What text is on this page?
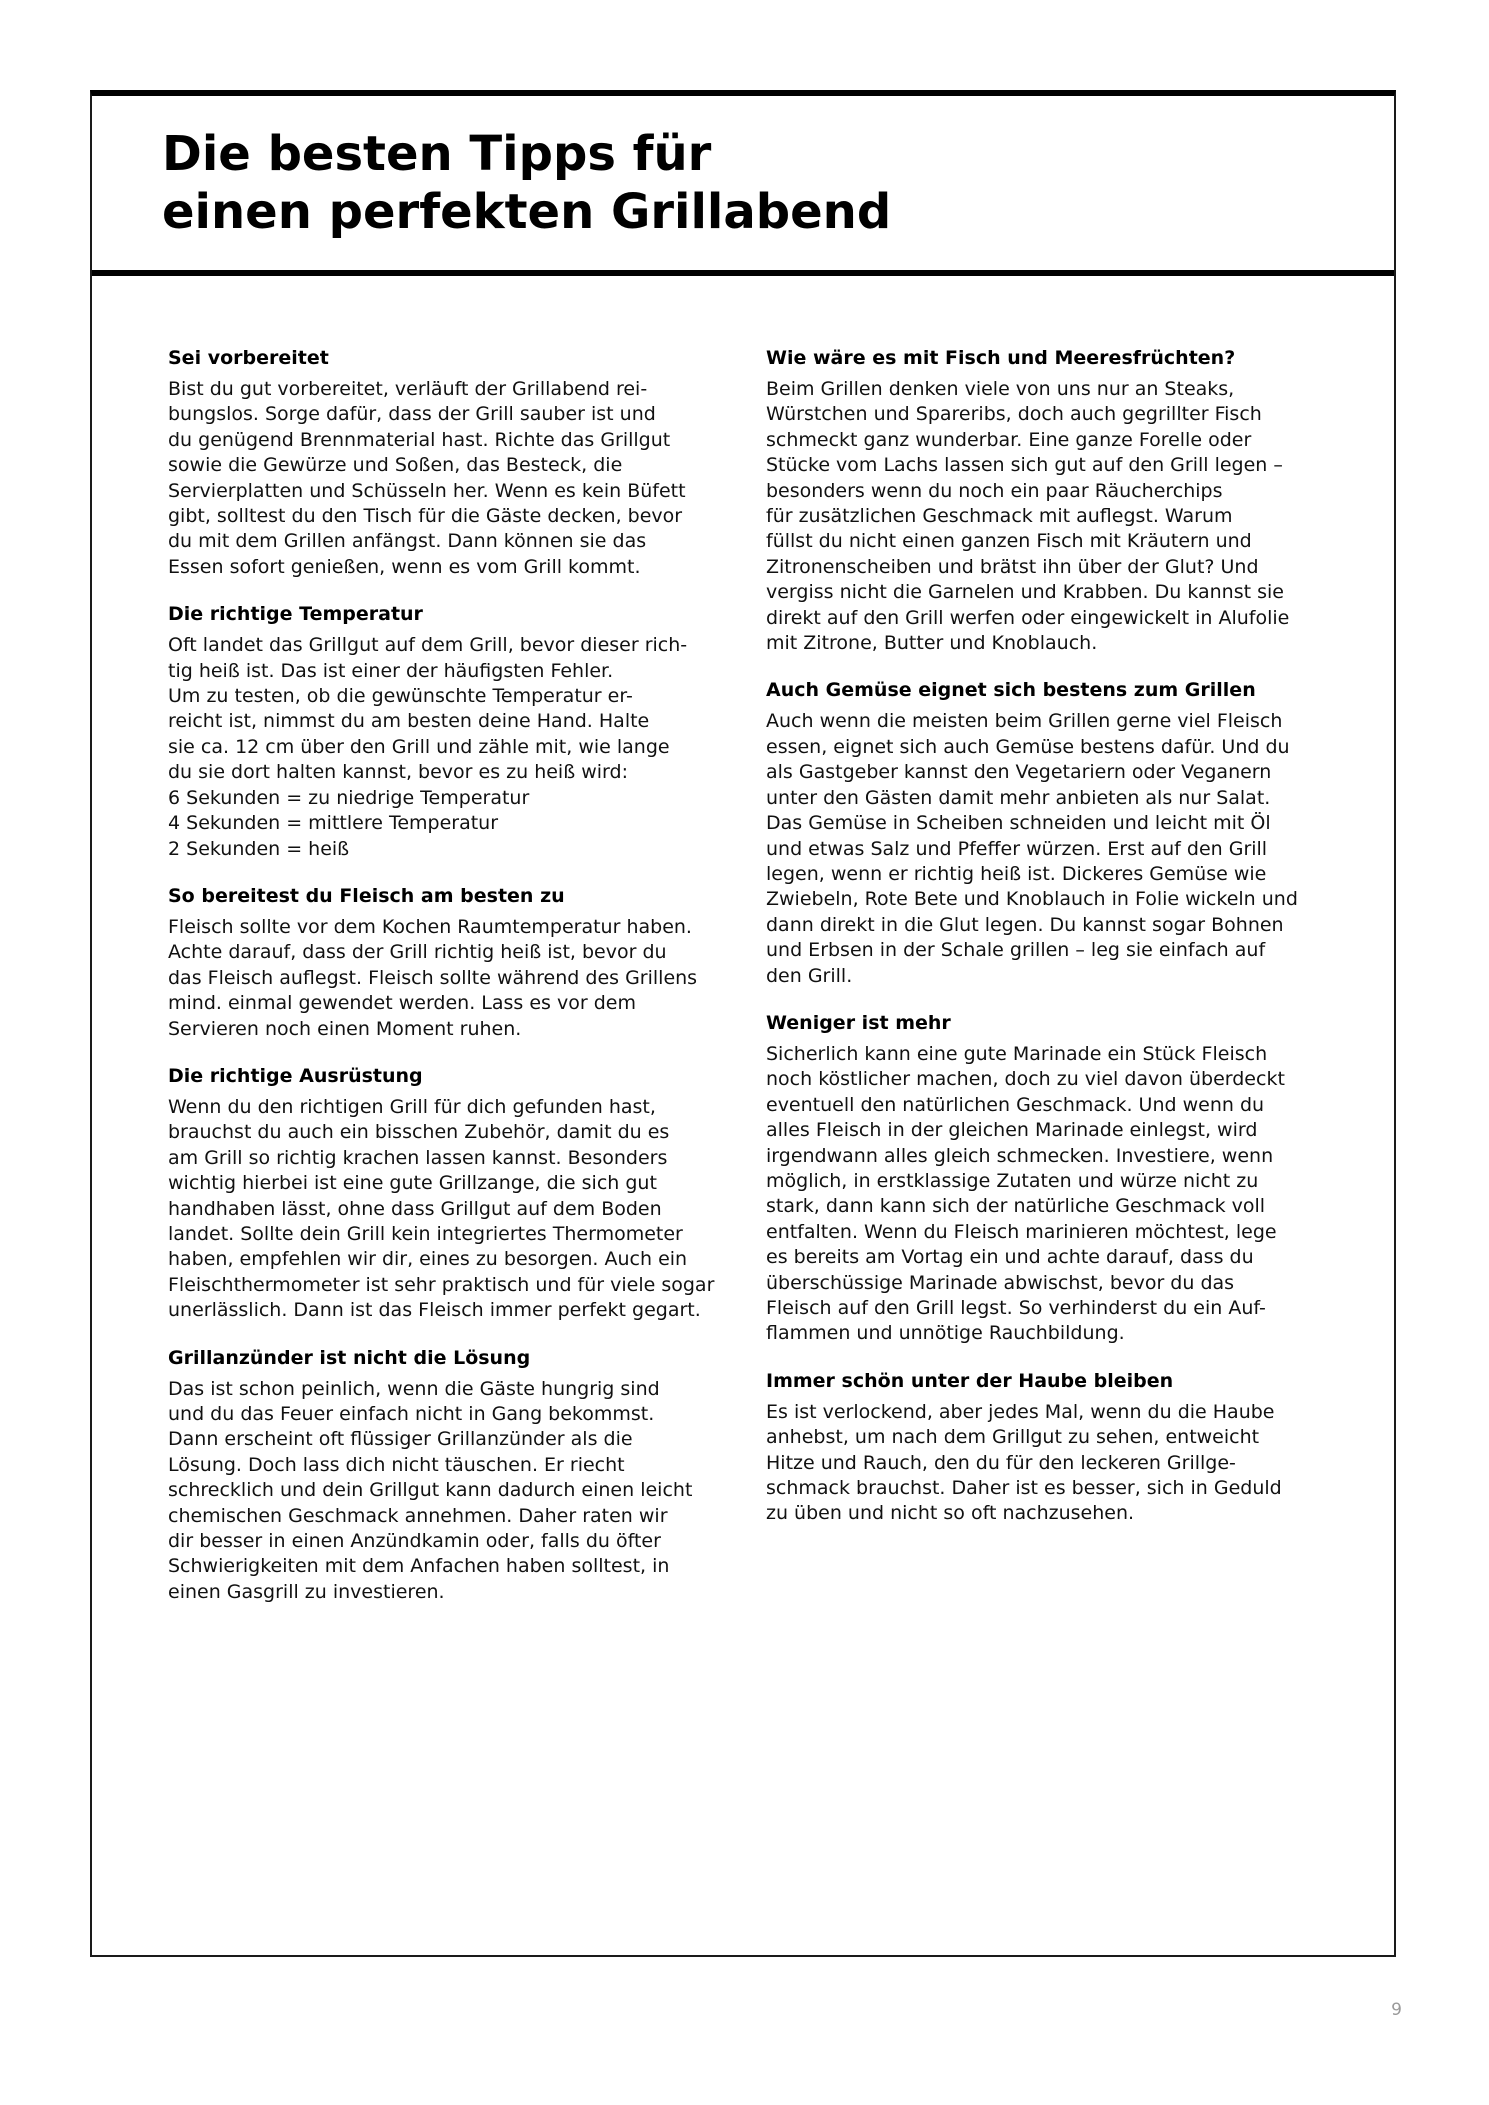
Die besten Tipps für
einen perfekten Grillabend
Sei vorbereitet

Bist du gut vorbereitet, verläuft der Grillabend rei-
bungslos. Sorge dafür, dass der Grill sauber ist und
du genügend Brennmaterial hast. Richte das Grillgut
sowie die Gewürze und Soßen, das Besteck, die
Servierplatten und Schüsseln her. Wenn es kein Büfett
gibt, solltest du den Tisch für die Gäste decken, bevor
du mit dem Grillen anfängst. Dann können sie das
Essen sofort genießen, wenn es vom Grill kommt.

Die richtige Temperatur

Oft landet das Grillgut auf dem Grill, bevor dieser rich-
tig heiß ist. Das ist einer der häufigsten Fehler.
Um zu testen, ob die gewünschte Temperatur er-
reicht ist, nimmst du am besten deine Hand. Halte
sie ca. 12 cm über den Grill und zähle mit, wie lange
du sie dort halten kannst, bevor es zu heiß wird:
6 Sekunden = zu niedrige Temperatur
4 Sekunden = mittlere Temperatur
2 Sekunden = heiß

So bereitest du Fleisch am besten zu

Fleisch sollte vor dem Kochen Raumtemperatur haben.
Achte darauf, dass der Grill richtig heiß ist, bevor du
das Fleisch auflegst. Fleisch sollte während des Grillens
mind. einmal gewendet werden. Lass es vor dem
Servieren noch einen Moment ruhen.

Die richtige Ausrüstung

Wenn du den richtigen Grill für dich gefunden hast,
brauchst du auch ein bisschen Zubehör, damit du es
am Grill so richtig krachen lassen kannst. Besonders
wichtig hierbei ist eine gute Grillzange, die sich gut
handhaben lässt, ohne dass Grillgut auf dem Boden
landet. Sollte dein Grill kein integriertes Thermometer
haben, empfehlen wir dir, eines zu besorgen. Auch ein
Fleischthermometer ist sehr praktisch und für viele sogar
unerlässlich. Dann ist das Fleisch immer perfekt gegart.

Grillanzünder ist nicht die Lösung

Das ist schon peinlich, wenn die Gäste hungrig sind
und du das Feuer einfach nicht in Gang bekommst.
Dann erscheint oft flüssiger Grillanzünder als die
Lösung. Doch lass dich nicht täuschen. Er riecht
schrecklich und dein Grillgut kann dadurch einen leicht
chemischen Geschmack annehmen. Daher raten wir
dir besser in einen Anzündkamin oder, falls du öfter
Schwierigkeiten mit dem Anfachen haben solltest, in
einen Gasgrill zu investieren.

Wie wäre es mit Fisch und Meeresfrüchten?

Beim Grillen denken viele von uns nur an Steaks,
Würstchen und Spareribs, doch auch gegrillter Fisch
schmeckt ganz wunderbar. Eine ganze Forelle oder
Stücke vom Lachs lassen sich gut auf den Grill legen –
besonders wenn du noch ein paar Räucherchips
für zusätzlichen Geschmack mit auflegst. Warum
füllst du nicht einen ganzen Fisch mit Kräutern und
Zitronenscheiben und brätst ihn über der Glut? Und
vergiss nicht die Garnelen und Krabben. Du kannst sie
direkt auf den Grill werfen oder eingewickelt in Alufolie
mit Zitrone, Butter und Knoblauch.

Auch Gemüse eignet sich bestens zum Grillen

Auch wenn die meisten beim Grillen gerne viel Fleisch
essen, eignet sich auch Gemüse bestens dafür. Und du
als Gastgeber kannst den Vegetariern oder Veganern
unter den Gästen damit mehr anbieten als nur Salat.
Das Gemüse in Scheiben schneiden und leicht mit Öl
und etwas Salz und Pfeffer würzen. Erst auf den Grill
legen, wenn er richtig heiß ist. Dickeres Gemüse wie
Zwiebeln, Rote Bete und Knoblauch in Folie wickeln und
dann direkt in die Glut legen. Du kannst sogar Bohnen
und Erbsen in der Schale grillen – leg sie einfach auf
den Grill.

Weniger ist mehr

Sicherlich kann eine gute Marinade ein Stück Fleisch
noch köstlicher machen, doch zu viel davon überdeckt
eventuell den natürlichen Geschmack. Und wenn du
alles Fleisch in der gleichen Marinade einlegst, wird
irgendwann alles gleich schmecken. Investiere, wenn
möglich, in erstklassige Zutaten und würze nicht zu
stark, dann kann sich der natürliche Geschmack voll
entfalten. Wenn du Fleisch marinieren möchtest, lege
es bereits am Vortag ein und achte darauf, dass du
überschüssige Marinade abwischst, bevor du das
Fleisch auf den Grill legst. So verhinderst du ein Auf-
flammen und unnötige Rauchbildung.

Immer schön unter der Haube bleiben

Es ist verlockend, aber jedes Mal, wenn du die Haube
anhebst, um nach dem Grillgut zu sehen, entweicht
Hitze und Rauch, den du für den leckeren Grillge-
schmack brauchst. Daher ist es besser, sich in Geduld
zu üben und nicht so oft nachzusehen.

9
